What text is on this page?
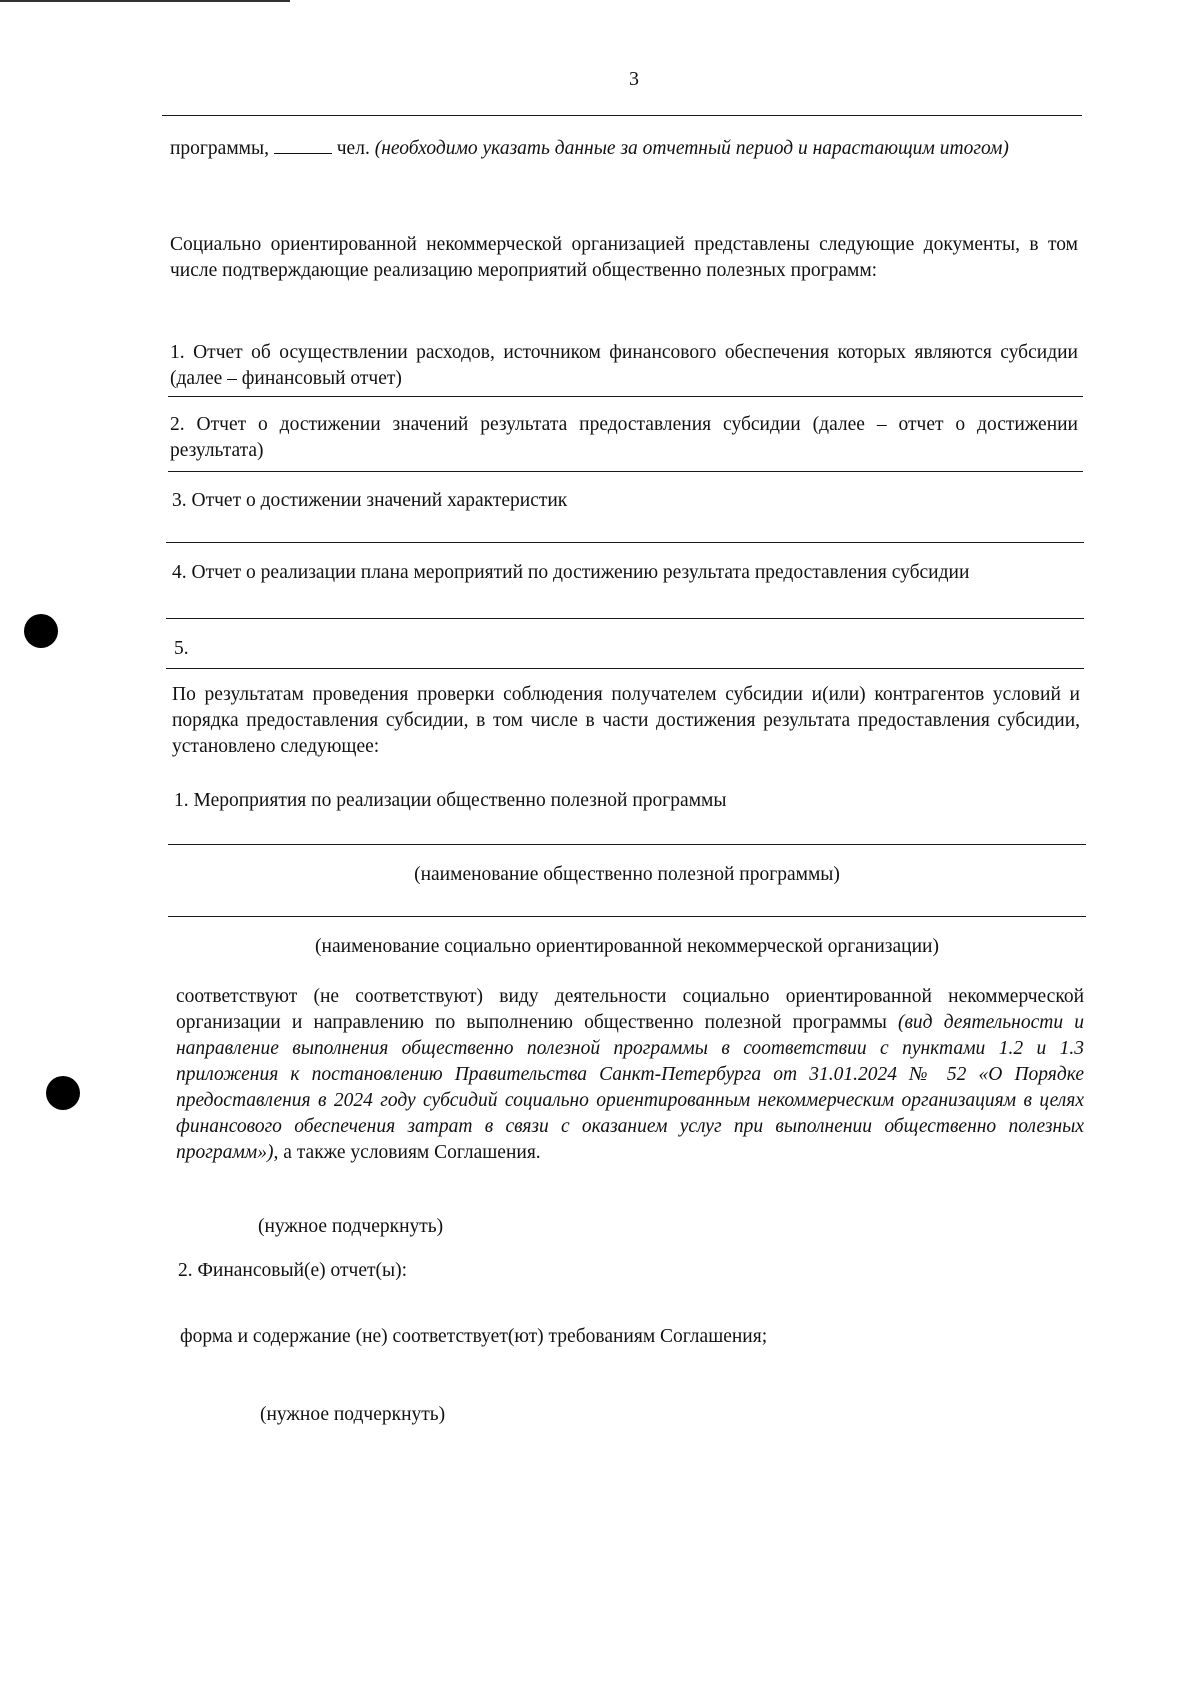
3
программы,	чел. (необходимо указать данные за отчетный период и нарастающим итогом)
Социально ориентированной некоммерческой организацией представлены следующие документы, в том числе подтверждающие реализацию мероприятий общественно полезных программ:
1. Отчет об осуществлении расходов, источником финансового обеспечения которых являются субсидии (далее – финансовый отчет)
2. Отчет о достижении значений результата предоставления субсидии (далее – отчет о достижении результата)
3. Отчет о достижении значений характеристик
4. Отчет о реализации плана мероприятий по достижению результата предоставления субсидии
5.
По результатам проведения проверки соблюдения получателем субсидии и(или) контрагентов условий и порядка предоставления субсидии, в том числе в части достижения результата предоставления субсидии, установлено следующее:
1. Мероприятия по реализации общественно полезной программы
(наименование общественно полезной программы)
(наименование социально ориентированной некоммерческой организации)
соответствуют (не соответствуют) виду деятельности социально ориентированной некоммерческой организации и направлению по выполнению общественно полезной программы (вид деятельности и направление выполнения общественно полезной программы в соответствии с пунктами 1.2 и 1.3 приложения к постановлению Правительства Санкт-Петербурга от 31.01.2024 № 52 «О Порядке предоставления в 2024 году субсидий социально ориентированным некоммерческим организациям в целях финансового обеспечения затрат в связи с оказанием услуг при выполнении общественно полезных программ»), а также условиям Соглашения.
(нужное подчеркнуть)
2. Финансовый(е) отчет(ы):
форма и содержание (не) соответствует(ют) требованиям Соглашения;
(нужное подчеркнуть)
